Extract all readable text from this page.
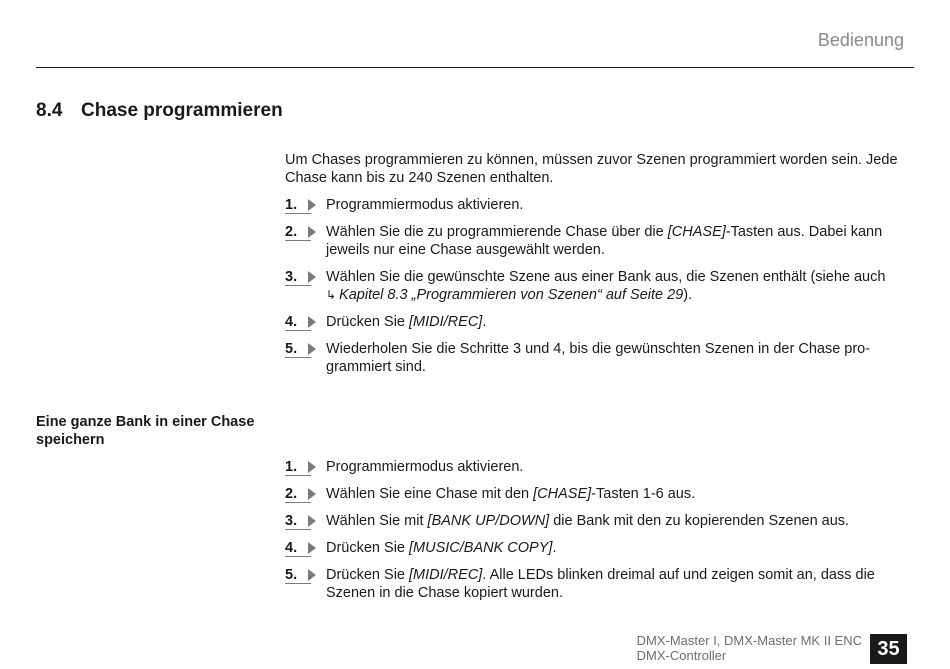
Bedienung
8.4 Chase programmieren
Um Chases programmieren zu können, müssen zuvor Szenen programmiert worden sein. Jede Chase kann bis zu 240 Szenen enthalten.
1.	Programmiermodus aktivieren.
2.	Wählen Sie die zu programmierende Chase über die [CHASE]-Tasten aus. Dabei kann jeweils nur eine Chase ausgewählt werden.
3.	Wählen Sie die gewünschte Szene aus einer Bank aus, die Szenen enthält (siehe auch ↳ Kapitel 8.3 „Programmieren von Szenen“ auf Seite 29).
4.	Drücken Sie [MIDI/REC].
5.	Wiederholen Sie die Schritte 3 und 4, bis die gewünschten Szenen in der Chase programmiert sind.
Eine ganze Bank in einer Chase speichern
1.	Programmiermodus aktivieren.
2.	Wählen Sie eine Chase mit den [CHASE]-Tasten 1-6 aus.
3.	Wählen Sie mit [BANK UP/DOWN] die Bank mit den zu kopierenden Szenen aus.
4.	Drücken Sie [MUSIC/BANK COPY].
5.	Drücken Sie [MIDI/REC]. Alle LEDs blinken dreimal auf und zeigen somit an, dass die Szenen in die Chase kopiert wurden.
DMX-Master I, DMX-Master MK II ENC
DMX-Controller	35
